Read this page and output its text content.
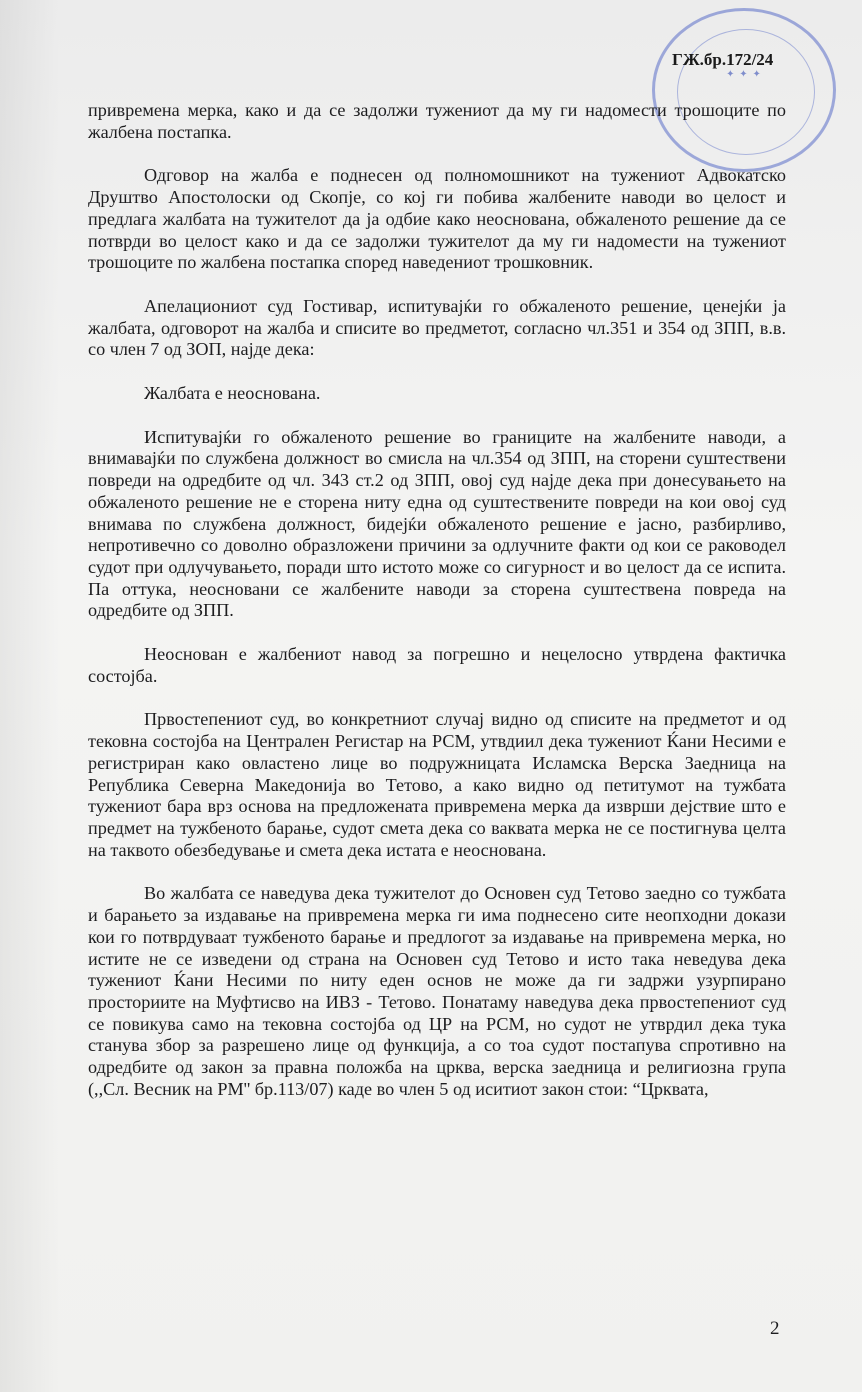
✦ ✦ ✦
ГЖ.бр.172/24

привремена мерка, како и да се задолжи тужениот да му ги надомести трошоците по жалбена постапка.

Одговор на жалба е поднесен од полномошникот на тужениот Адвокатско Друштво Апостолоски од Скопје, со кој ги побива жалбените наводи во целост и предлага жалбата на тужителот да ја одбие како неоснована, обжаленото решение да се потврди во целост како и да се задолжи тужителот да му ги надомести на тужениот трошоците по жалбена постапка според наведениот трошковник.

Апелациониот суд Гостивар, испитувајќи го обжаленото решение, ценејќи ја жалбата, одговорот на жалба и списите во предметот, согласно чл.351 и 354 од ЗПП, в.в. со член 7 од ЗОП, најде дека:

Жалбата е неоснована.

Испитувајќи го обжаленото решение во границите на жалбените наводи, а внимавајќи по службена должност во смисла на чл.354 од ЗПП, на сторени суштествени повреди на одредбите од чл. 343 ст.2 од ЗПП, овој суд најде дека при донесувањето на обжаленото решение не е сторена ниту една од суштествените повреди на кои овој суд внимава по службена должност, бидејќи обжаленото решение е јасно, разбирливо, непротивечно со доволно образложени причини за одлучните факти од кои се раководел судот при одлучувањето, поради што истото може со сигурност и во целост да се испита. Па оттука, неосновани се жалбените наводи за сторена суштествена повреда на одредбите од ЗПП.

Неоснован е жалбениот навод за погрешно и нецелосно утврдена фактичка состојба.

Првостепениот суд, во конкретниот случај видно од списите на предметот и од тековна состојба на Централен Регистар на РСМ, утвдиил дека тужениот Ќани Несими е регистриран како овластено лице во подружницата Исламска Верска Заедница на Република Северна Македонија во Тетово, а како видно од петитумот на тужбата тужениот бара врз основа на предложената привремена мерка да изврши дејствие што е предмет на тужбеното барање, судот смета дека со ваквата мерка не се постигнува целта на таквото обезбедување и смета дека истата е неоснована.

Во жалбата се наведува дека тужителот до Основен суд Тетово заедно со тужбата и барањето за издавање на привремена мерка ги има поднесено сите неопходни докази кои го потврдуваат тужбеното барање и предлогот за издавање на привремена мерка, но истите не се изведени од страна на Основен суд Тетово и исто така неведува дека тужениот Ќани Несими по ниту еден основ не може да ги задржи узурпирано просториите на Муфтисво на ИВЗ - Тетово. Понатаму наведува дека првостепениот суд се повикува само на тековна состојба од ЦР на РСМ, но судот не утврдил дека тука станува збор за разрешено лице од функција, а со тоа судот постапува спротивно на одредбите од закон за правна положба на црква, верска заедница и религиозна група (,,Сл. Весник на РМ'' бр.113/07) каде во член 5 од иситиот закон стои: “Црквата,

2
